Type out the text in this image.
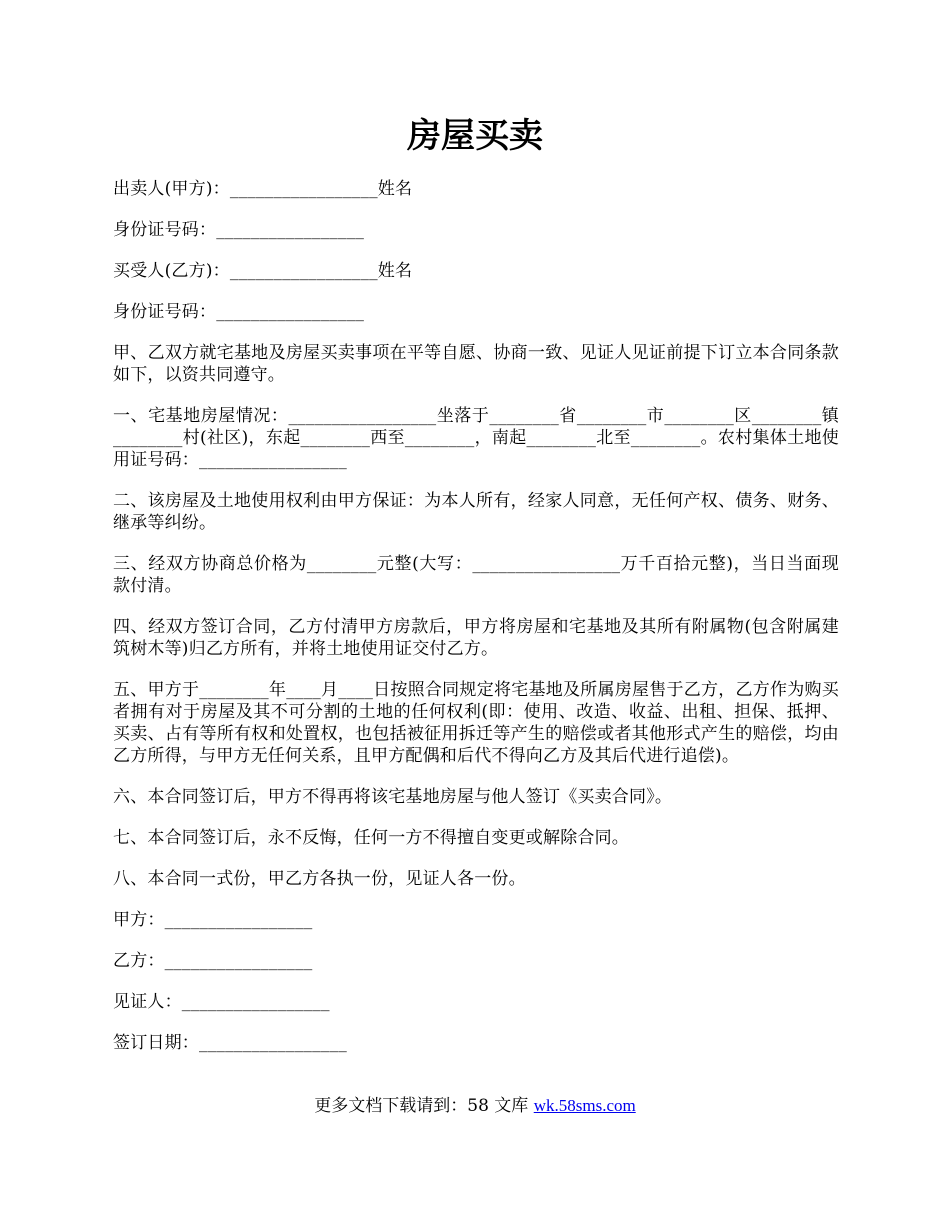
房屋买卖

出卖人(甲方)：_________________姓名

身份证号码：_________________

买受人(乙方)：_________________姓名

身份证号码：_________________

甲、乙双方就宅基地及房屋买卖事项在平等自愿、协商一致、见证人见证前提下订立本合同条款如下，以资共同遵守。

一、宅基地房屋情况：_________________坐落于________省________市________区________镇________村(社区)，东起________西至________，南起________北至________。农村集体土地使用证号码：_________________

二、该房屋及土地使用权利由甲方保证：为本人所有，经家人同意，无任何产权、债务、财务、继承等纠纷。

三、经双方协商总价格为________元整(大写：_________________万千百拾元整)，当日当面现款付清。

四、经双方签订合同，乙方付清甲方房款后，甲方将房屋和宅基地及其所有附属物(包含附属建筑树木等)归乙方所有，并将土地使用证交付乙方。

五、甲方于________年____月____日按照合同规定将宅基地及所属房屋售于乙方，乙方作为购买者拥有对于房屋及其不可分割的土地的任何权利(即：使用、改造、收益、出租、担保、抵押、买卖、占有等所有权和处置权，也包括被征用拆迁等产生的赔偿或者其他形式产生的赔偿，均由乙方所得，与甲方无任何关系，且甲方配偶和后代不得向乙方及其后代进行追偿)。

六、本合同签订后，甲方不得再将该宅基地房屋与他人签订《买卖合同》。

七、本合同签订后，永不反悔，任何一方不得擅自变更或解除合同。

八、本合同一式份，甲乙方各执一份，见证人各一份。

甲方：_________________

乙方：_________________

见证人：_________________

签订日期：_________________

更多文档下载请到：58 文库 wk.58sms.com
